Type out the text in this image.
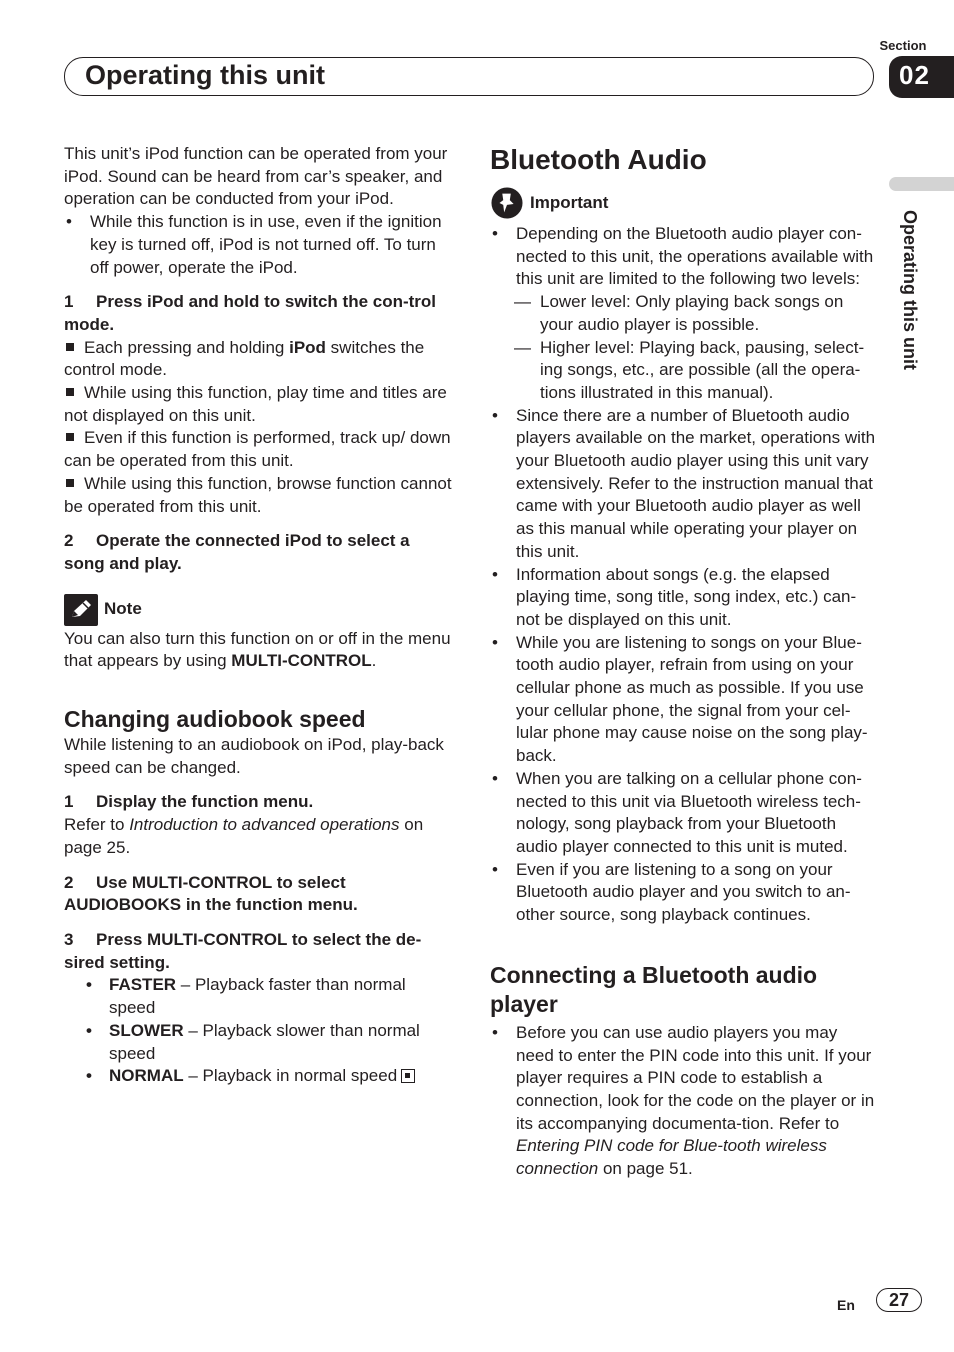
Section
02
Operating this unit
Operating this unit

This unit’s iPod function can be operated from your iPod. Sound can be heard from car’s speaker, and operation can be conducted from your iPod.

• While this function is in use, even if the ignition key is turned off, iPod is not turned off. To turn off power, operate the iPod.

1 Press iPod and hold to switch the con-trol mode.

Each pressing and holding iPod switches the control mode.

While using this function, play time and titles are not displayed on this unit.

Even if this function is performed, track up/ down can be operated from this unit.

While using this function, browse function cannot be operated from this unit.

2 Operate the connected iPod to select a song and play.

Note

You can also turn this function on or off in the menu that appears by using MULTI-CONTROL.

Changing audiobook speed

While listening to an audiobook on iPod, play-back speed can be changed.

1 Display the function menu.

Refer to Introduction to advanced operations on page 25.

2 Use MULTI-CONTROL to select AUDIOBOOKS in the function menu.

3 Press MULTI-CONTROL to select the de-sired setting.

• FASTER – Playback faster than normal speed

• SLOWER – Playback slower than normal speed

• NORMAL – Playback in normal speed

Bluetooth Audio
Important

• Depending on the Bluetooth audio player con-nected to this unit, the operations available with this unit are limited to the following two levels:

— Lower level: Only playing back songs on your audio player is possible.

— Higher level: Playing back, pausing, select-ing songs, etc., are possible (all the opera-tions illustrated in this manual).

• Since there are a number of Bluetooth audio players available on the market, operations with your Bluetooth audio player using this unit vary extensively. Refer to the instruction manual that came with your Bluetooth audio player as well as this manual while operating your player on this unit.

• Information about songs (e.g. the elapsed playing time, song title, song index, etc.) can-not be displayed on this unit.

• While you are listening to songs on your Blue-tooth audio player, refrain from using on your cellular phone as much as possible. If you use your cellular phone, the signal from your cel-lular phone may cause noise on the song play-back.

• When you are talking on a cellular phone con-nected to this unit via Bluetooth wireless tech-nology, song playback from your Bluetooth audio player connected to this unit is muted.

• Even if you are listening to a song on your Bluetooth audio player and you switch to an-other source, song playback continues.

Connecting a Bluetooth audio player

• Before you can use audio players you may need to enter the PIN code into this unit. If your player requires a PIN code to establish a connection, look for the code on the player or in its accompanying documenta-tion. Refer to Entering PIN code for Blue-tooth wireless connection on page 51.

En	27
